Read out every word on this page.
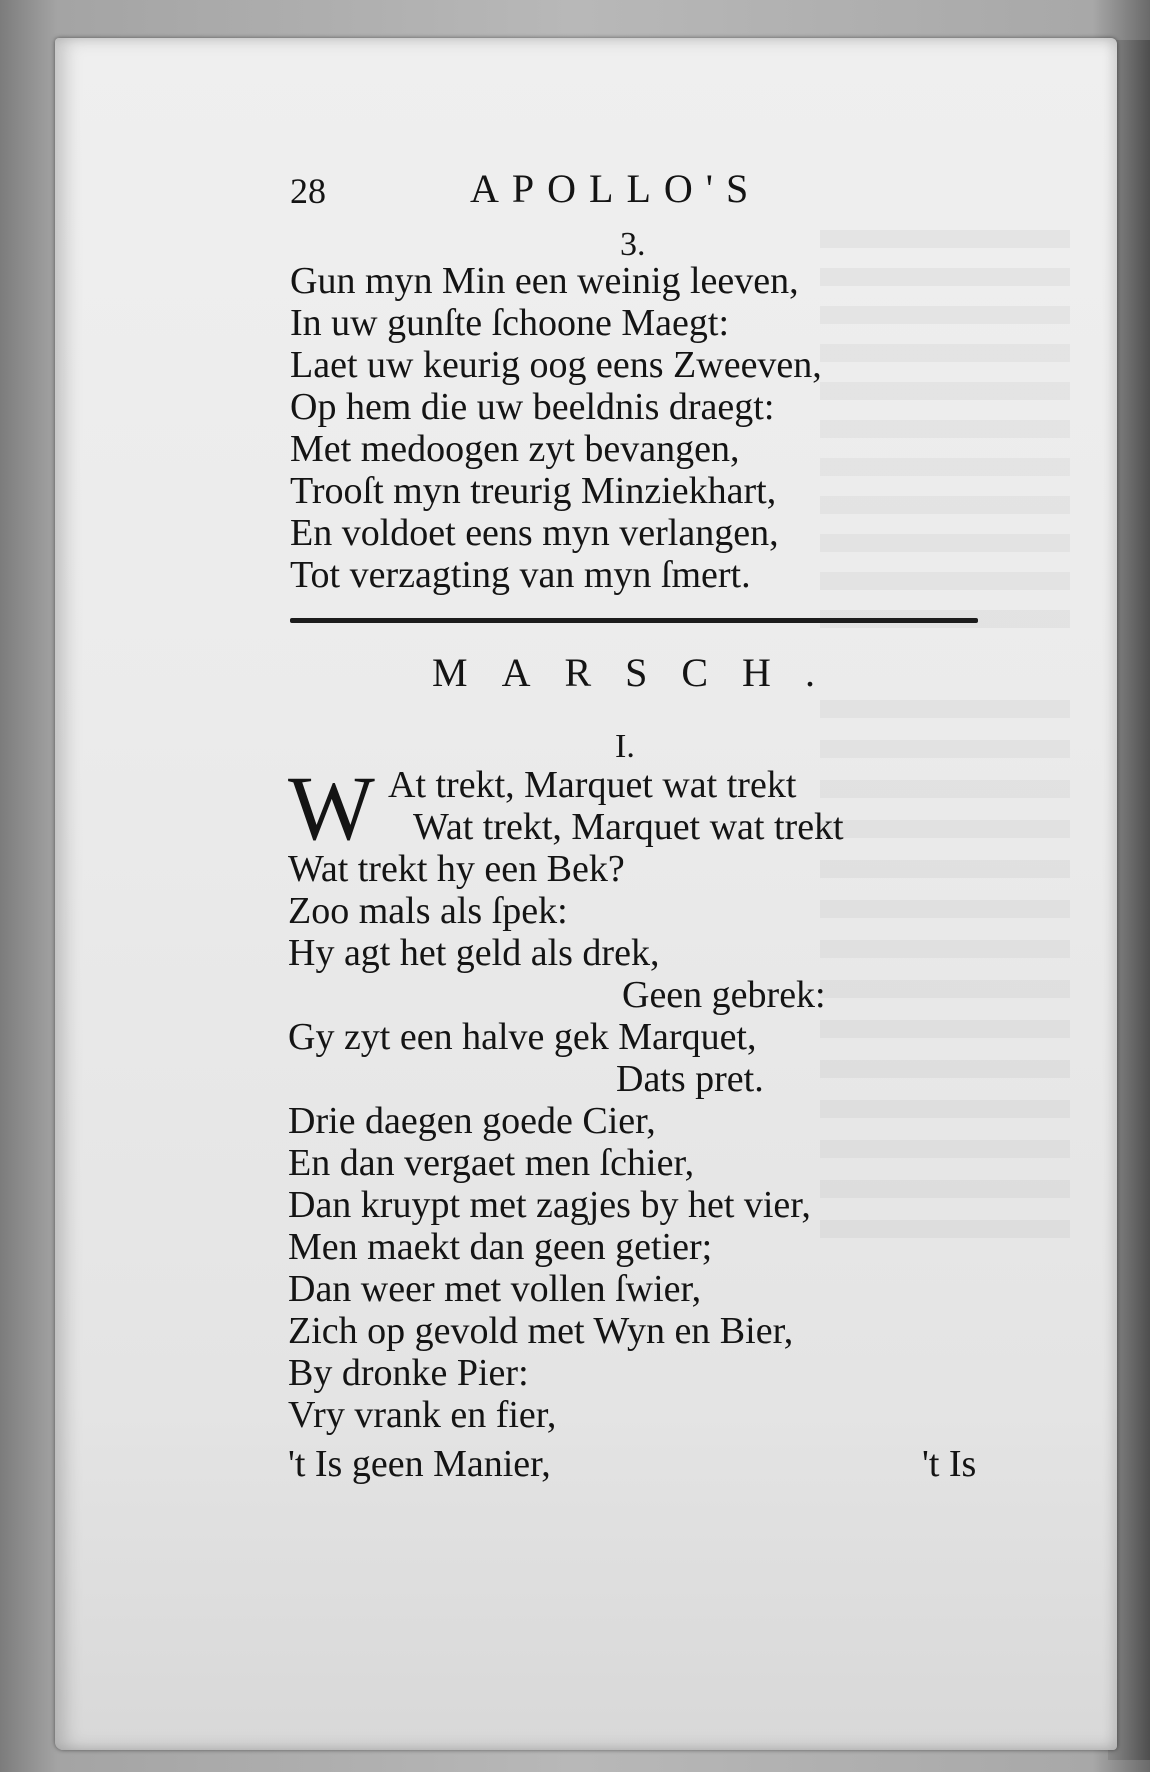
28	APOLLO'S
3.
Gun myn Min een weinig leeven,
In uw gunſte ſchoone Maegt:
Laet uw keurig oog eens Zweeven,
Op hem die uw beeldnis draegt:
Met medoogen zyt bevangen,
Trooſt myn treurig Minziekhart,
En voldoet eens myn verlangen,
Tot verzagting van myn ſmert.
MARSCH.
I.
W At trekt, Marquet wat trekt
Wat trekt, Marquet wat trekt
Wat trekt hy een Bek?
Zoo mals als ſpek:
Hy agt het geld als drek,
Geen gebrek:
Gy zyt een halve gek Marquet,
Dats pret.
Drie daegen goede Cier,
En dan vergaet men ſchier,
Dan kruypt met zagjes by het vier,
Men maekt dan geen getier;
Dan weer met vollen ſwier,
Zich op gevold met Wyn en Bier,
By dronke Pier:
Vry vrank en fier,
't Is geen Manier,	't Is
